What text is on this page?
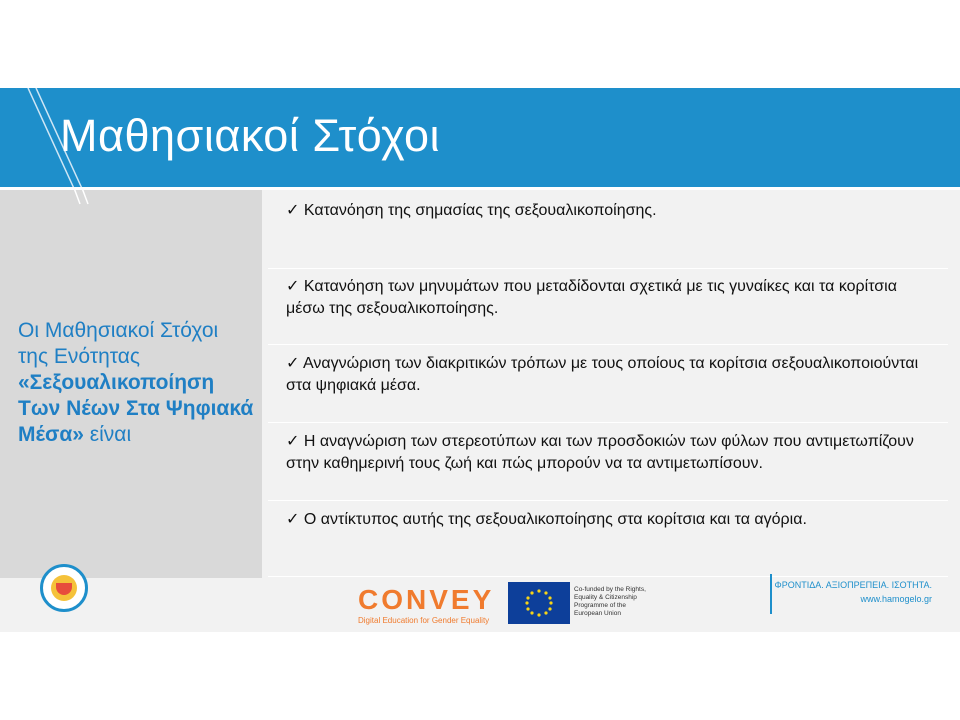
Μαθησιακοί Στόχοι
Οι Μαθησιακοί Στόχοι
της Ενότητας
«Σεξουαλικοποίηση Των Νέων Στα Ψηφιακά Μέσα» είναι
✓ Κατανόηση της σημασίας της σεξουαλικοποίησης.
✓ Κατανόηση των μηνυμάτων που μεταδίδονται σχετικά με τις γυναίκες και τα κορίτσια μέσω της σεξουαλικοποίησης.
✓ Αναγνώριση των διακριτικών τρόπων με τους οποίους τα κορίτσια σεξουαλικοποιούνται στα ψηφιακά μέσα.
✓ Η αναγνώριση των στερεοτύπων και των προσδοκιών των φύλων που αντιμετωπίζουν στην καθημερινή τους ζωή και πώς μπορούν να τα αντιμετωπίσουν.
✓ Ο αντίκτυπος αυτής της σεξουαλικοποίησης στα κορίτσια και τα αγόρια.
CONVEY
Digital Education for Gender Equality
Co-funded by the Rights, Equality & Citizenship Programme of the European Union
ΦΡΟΝΤΙΔΑ. ΑΞΙΟΠΡΕΠΕΙΑ. ΙΣΟΤΗΤΑ.
www.hamogelo.gr
